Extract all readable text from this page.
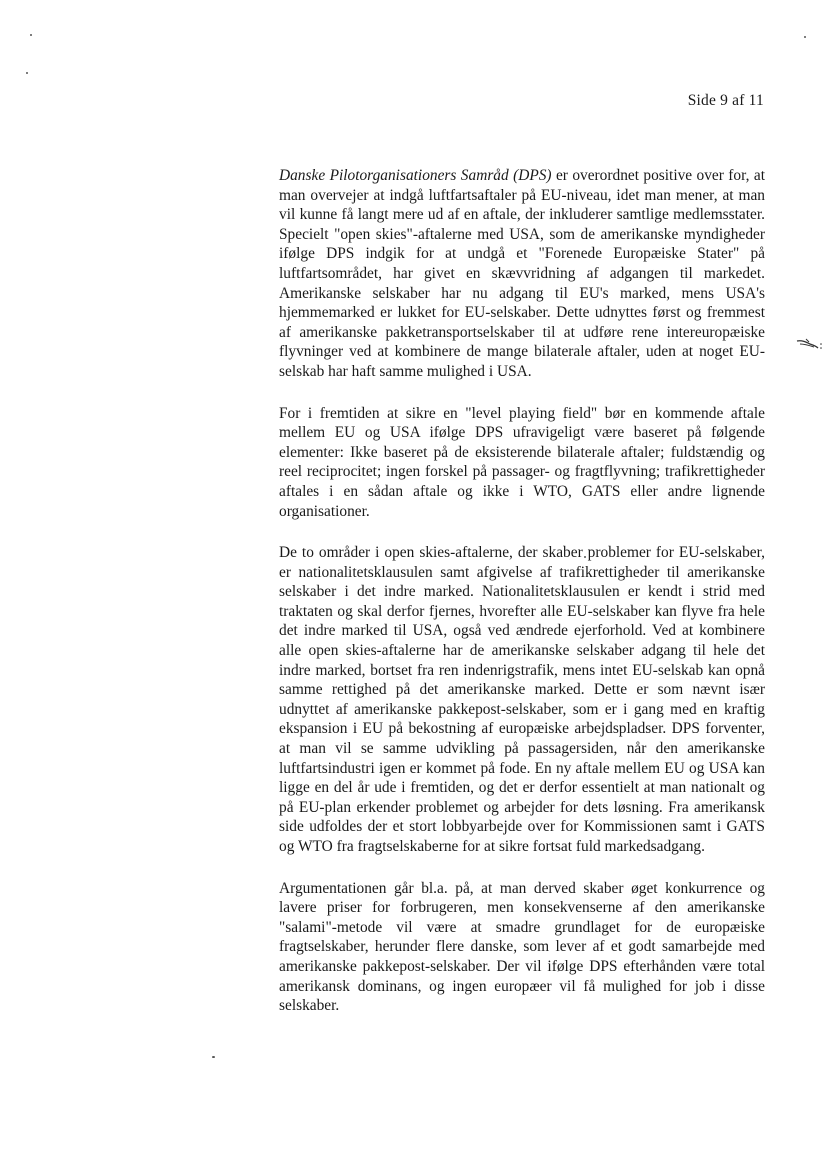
Side 9 af 11

Danske Pilotorganisationers Samråd (DPS) er overordnet positive over for, at man overvejer at indgå luftfartsaftaler på EU-niveau, idet man mener, at man vil kunne få langt mere ud af en aftale, der inkluderer samtlige medlemsstater. Specielt "open skies"-aftalerne med USA, som de amerikanske myndigheder ifølge DPS indgik for at undgå et "Forenede Europæiske Stater" på luftfartsområdet, har givet en skævvridning af adgangen til markedet. Amerikanske selskaber har nu adgang til EU's marked, mens USA's hjemmemarked er lukket for EU-selskaber. Dette udnyttes først og fremmest af amerikanske pakketransportselskaber til at udføre rene intereuropæiske flyvninger ved at kombinere de mange bilaterale aftaler, uden at noget EU-selskab har haft samme mulighed i USA.

For i fremtiden at sikre en "level playing field" bør en kommende aftale mellem EU og USA ifølge DPS ufravigeligt være baseret på følgende elementer: Ikke baseret på de eksisterende bilaterale aftaler; fuldstændig og reel reciprocitet; ingen forskel på passager- og fragtflyvning; trafikrettigheder aftales i en sådan aftale og ikke i WTO, GATS eller andre lignende organisationer.

De to områder i open skies-aftalerne, der skaber problemer for EU-selskaber, er nationalitetsklausulen samt afgivelse af trafikrettigheder til amerikanske selskaber i det indre marked. Nationalitetsklausulen er kendt i strid med traktaten og skal derfor fjernes, hvorefter alle EU-selskaber kan flyve fra hele det indre marked til USA, også ved ændrede ejerforhold. Ved at kombinere alle open skies-aftalerne har de amerikanske selskaber adgang til hele det indre marked, bortset fra ren indenrigstrafik, mens intet EU-selskab kan opnå samme rettighed på det amerikanske marked. Dette er som nævnt især udnyttet af amerikanske pakkepost-selskaber, som er i gang med en kraftig ekspansion i EU på bekostning af europæiske arbejdspladser. DPS forventer, at man vil se samme udvikling på passagersiden, når den amerikanske luftfartsindustri igen er kommet på fode. En ny aftale mellem EU og USA kan ligge en del år ude i fremtiden, og det er derfor essentielt at man nationalt og på EU-plan erkender problemet og arbejder for dets løsning. Fra amerikansk side udfoldes der et stort lobbyarbejde over for Kommissionen samt i GATS og WTO fra fragtselskaberne for at sikre fortsat fuld markedsadgang.

Argumentationen går bl.a. på, at man derved skaber øget konkurrence og lavere priser for forbrugeren, men konsekvenserne af den amerikanske "salami"-metode vil være at smadre grundlaget for de europæiske fragtselskaber, herunder flere danske, som lever af et godt samarbejde med amerikanske pakkepost-selskaber. Der vil ifølge DPS efterhånden være total amerikansk dominans, og ingen europæer vil få mulighed for job i disse selskaber.
